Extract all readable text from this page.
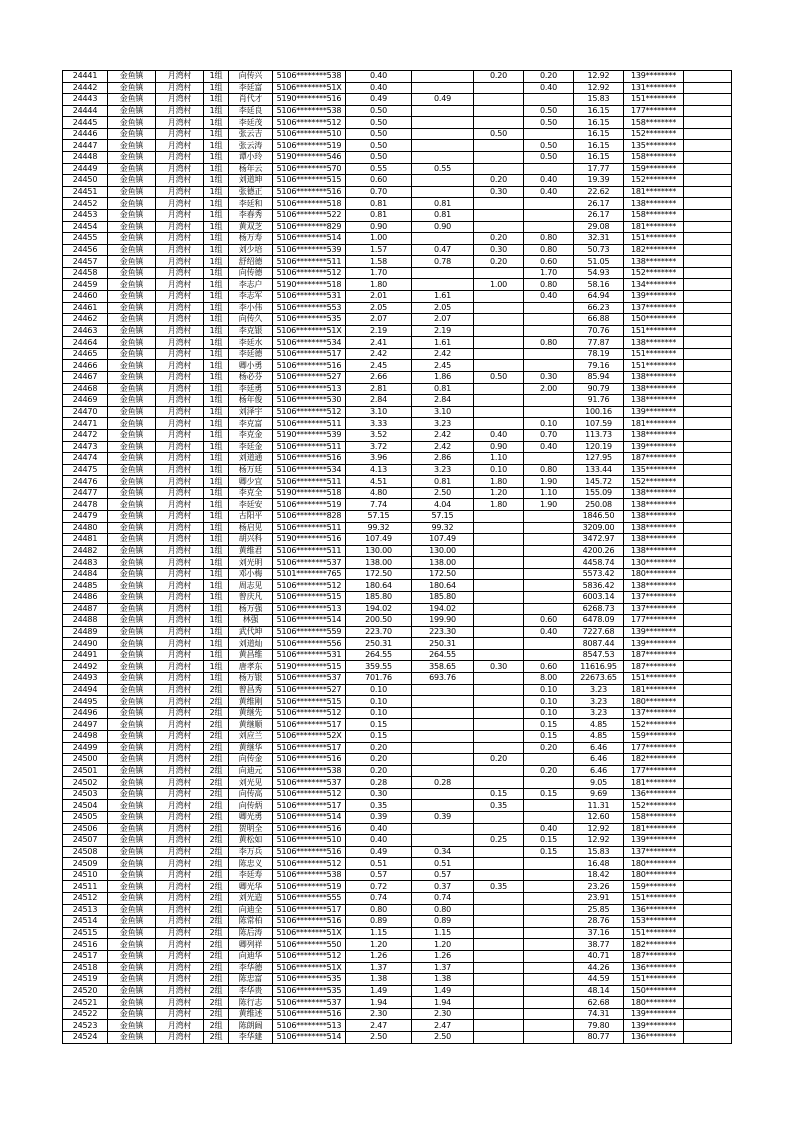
24441	金鱼镇	月湾村	1组	向传兴	5106********538	0.40		0.20	0.20	12.92	139********	
24442	金鱼镇	月湾村	1组	李廷富	5106********51X	0.40			0.40	12.92	131********	
24443	金鱼镇	月湾村	1组	肖代才	5190********516	0.49	0.49			15.83	151********	
24444	金鱼镇	月湾村	1组	李廷良	5106********538	0.50			0.50	16.15	177********	
24445	金鱼镇	月湾村	1组	李廷茂	5106********512	0.50			0.50	16.15	158********	
24446	金鱼镇	月湾村	1组	张云吉	5106********510	0.50		0.50		16.15	152********	
24447	金鱼镇	月湾村	1组	张云涛	5106********519	0.50			0.50	16.15	135********	
24448	金鱼镇	月湾村	1组	谭小玲	5190********546	0.50			0.50	16.15	158********	
24449	金鱼镇	月湾村	1组	杨年云	5106********570	0.55	0.55			17.77	159********	
24450	金鱼镇	月湾村	1组	刘道坤	5106********515	0.60		0.20	0.40	19.39	152********	
24451	金鱼镇	月湾村	1组	张德正	5106********516	0.70		0.30	0.40	22.62	181********	
24452	金鱼镇	月湾村	1组	李廷和	5106********518	0.81	0.81			26.17	138********	
24453	金鱼镇	月湾村	1组	李春秀	5106********522	0.81	0.81			26.17	158********	
24454	金鱼镇	月湾村	1组	黄双芝	5106********829	0.90	0.90			29.08	181********	
24455	金鱼镇	月湾村	1组	杨万寿	5106********514	1.00		0.20	0.80	32.31	151********	
24456	金鱼镇	月湾村	1组	刘少培	5106********539	1.57	0.47	0.30	0.80	50.73	182********	
24457	金鱼镇	月湾村	1组	舒绍德	5106********511	1.58	0.78	0.20	0.60	51.05	138********	
24458	金鱼镇	月湾村	1组	向传德	5106********512	1.70			1.70	54.93	152********	
24459	金鱼镇	月湾村	1组	李志户	5190********518	1.80		1.00	0.80	58.16	134********	
24460	金鱼镇	月湾村	1组	李志军	5106********531	2.01	1.61		0.40	64.94	139********	
24461	金鱼镇	月湾村	1组	李小伟	5106********553	2.05	2.05			66.23	137********	
24462	金鱼镇	月湾村	1组	向传久	5106********535	2.07	2.07			66.88	150********	
24463	金鱼镇	月湾村	1组	李克银	5106********51X	2.19	2.19			70.76	151********	
24464	金鱼镇	月湾村	1组	李廷水	5106********534	2.41	1.61		0.80	77.87	138********	
24465	金鱼镇	月湾村	1组	李廷德	5106********517	2.42	2.42			78.19	151********	
24466	金鱼镇	月湾村	1组	卿小勇	5106********516	2.45	2.45			79.16	151********	
24467	金鱼镇	月湾村	1组	杨必芬	5106********527	2.66	1.86	0.50	0.30	85.94	138********	
24468	金鱼镇	月湾村	1组	李廷勇	5106********513	2.81	0.81		2.00	90.79	138********	
24469	金鱼镇	月湾村	1组	杨年俊	5106********530	2.84	2.84			91.76	138********	
24470	金鱼镇	月湾村	1组	刘泽宇	5106********512	3.10	3.10			100.16	139********	
24471	金鱼镇	月湾村	1组	李克富	5106********511	3.33	3.23		0.10	107.59	181********	
24472	金鱼镇	月湾村	1组	李克金	5190********539	3.52	2.42	0.40	0.70	113.73	138********	
24473	金鱼镇	月湾村	1组	李廷金	5106********511	3.72	2.42	0.90	0.40	120.19	139********	
24474	金鱼镇	月湾村	1组	刘道通	5106********516	3.96	2.86	1.10		127.95	187********	
24475	金鱼镇	月湾村	1组	杨万廷	5106********534	4.13	3.23	0.10	0.80	133.44	135********	
24476	金鱼镇	月湾村	1组	卿少宜	5106********511	4.51	0.81	1.80	1.90	145.72	152********	
24477	金鱼镇	月湾村	1组	李克全	5190********518	4.80	2.50	1.20	1.10	155.09	138********	
24478	金鱼镇	月湾村	1组	李廷安	5106********519	7.74	4.04	1.80	1.90	250.08	138********	
24479	金鱼镇	月湾村	1组	古阳平	5106********828	57.15	57.15			1846.50	138********	
24480	金鱼镇	月湾村	1组	杨启见	5106********511	99.32	99.32			3209.00	138********	
24481	金鱼镇	月湾村	1组	胡兴科	5190********516	107.49	107.49			3472.97	138********	
24482	金鱼镇	月湾村	1组	黄维君	5106********511	130.00	130.00			4200.26	138********	
24483	金鱼镇	月湾村	1组	刘光明	5106********537	138.00	138.00			4458.74	130********	
24484	金鱼镇	月湾村	1组	邓小梅	5101********765	172.50	172.50			5573.42	180********	
24485	金鱼镇	月湾村	1组	周志见	5106********512	180.64	180.64			5836.42	138********	
24486	金鱼镇	月湾村	1组	曾庆凡	5106********515	185.80	185.80			6003.14	137********	
24487	金鱼镇	月湾村	1组	杨万强	5106********513	194.02	194.02			6268.73	137********	
24488	金鱼镇	月湾村	1组	林强	5106********514	200.50	199.90		0.60	6478.09	177********	
24489	金鱼镇	月湾村	1组	武代坤	5106********559	223.70	223.30		0.40	7227.68	139********	
24490	金鱼镇	月湾村	1组	刘道灿	5106********556	250.31	250.31			8087.44	139********	
24491	金鱼镇	月湾村	1组	黄昌维	5106********531	264.55	264.55			8547.53	187********	
24492	金鱼镇	月湾村	1组	唐孝东	5190********515	359.55	358.65	0.30	0.60	11616.95	187********	
24493	金鱼镇	月湾村	1组	杨万银	5106********537	701.76	693.76		8.00	22673.65	151********	
24494	金鱼镇	月湾村	2组	曾昌秀	5106********527	0.10			0.10	3.23	181********	
24495	金鱼镇	月湾村	2组	黄维刚	5106********515	0.10			0.10	3.23	180********	
24496	金鱼镇	月湾村	2组	黄继先	5106********512	0.10			0.10	3.23	137********	
24497	金鱼镇	月湾村	2组	黄继顺	5106********517	0.15			0.15	4.85	152********	
24498	金鱼镇	月湾村	2组	刘应兰	5106********52X	0.15			0.15	4.85	159********	
24499	金鱼镇	月湾村	2组	黄继华	5106********517	0.20			0.20	6.46	177********	
24500	金鱼镇	月湾村	2组	向传金	5106********516	0.20		0.20		6.46	182********	
24501	金鱼镇	月湾村	2组	向迪元	5106********538	0.20			0.20	6.46	177********	
24502	金鱼镇	月湾村	2组	刘光见	5106********537	0.28	0.28			9.05	181********	
24503	金鱼镇	月湾村	2组	向传高	5106********512	0.30		0.15	0.15	9.69	136********	
24504	金鱼镇	月湾村	2组	向传炳	5106********517	0.35		0.35		11.31	152********	
24505	金鱼镇	月湾村	2组	卿光勇	5106********514	0.39	0.39			12.60	158********	
24506	金鱼镇	月湾村	2组	贺明全	5106********516	0.40			0.40	12.92	181********	
24507	金鱼镇	月湾村	2组	黄松如	5106********510	0.40		0.25	0.15	12.92	139********	
24508	金鱼镇	月湾村	2组	李万兵	5106********516	0.49	0.34		0.15	15.83	137********	
24509	金鱼镇	月湾村	2组	陈忠义	5106********512	0.51	0.51			16.48	180********	
24510	金鱼镇	月湾村	2组	李廷寿	5106********538	0.57	0.57			18.42	180********	
24511	金鱼镇	月湾村	2组	卿光华	5106********519	0.72	0.37	0.35		23.26	159********	
24512	金鱼镇	月湾村	2组	刘光造	5106********555	0.74	0.74			23.91	151********	
24513	金鱼镇	月湾村	2组	向迪全	5106********517	0.80	0.80			25.85	136********	
24514	金鱼镇	月湾村	2组	陈常柏	5106********516	0.89	0.89			28.76	153********	
24515	金鱼镇	月湾村	2组	陈后涛	5106********51X	1.15	1.15			37.16	151********	
24516	金鱼镇	月湾村	2组	卿列祥	5106********550	1.20	1.20			38.77	182********	
24517	金鱼镇	月湾村	2组	向迪华	5106********512	1.26	1.26			40.71	187********	
24518	金鱼镇	月湾村	2组	李华德	5106********51X	1.37	1.37			44.26	136********	
24519	金鱼镇	月湾村	2组	陈忠富	5106********535	1.38	1.38			44.59	151********	
24520	金鱼镇	月湾村	2组	李华贵	5106********535	1.49	1.49			48.14	150********	
24521	金鱼镇	月湾村	2组	陈行志	5106********537	1.94	1.94			62.68	180********	
24522	金鱼镇	月湾村	2组	黄维述	5106********516	2.30	2.30			74.31	139********	
24523	金鱼镇	月湾村	2组	陈朗阔	5106********513	2.47	2.47			79.80	139********	
24524	金鱼镇	月湾村	2组	李华建	5106********514	2.50	2.50			80.77	136********	
